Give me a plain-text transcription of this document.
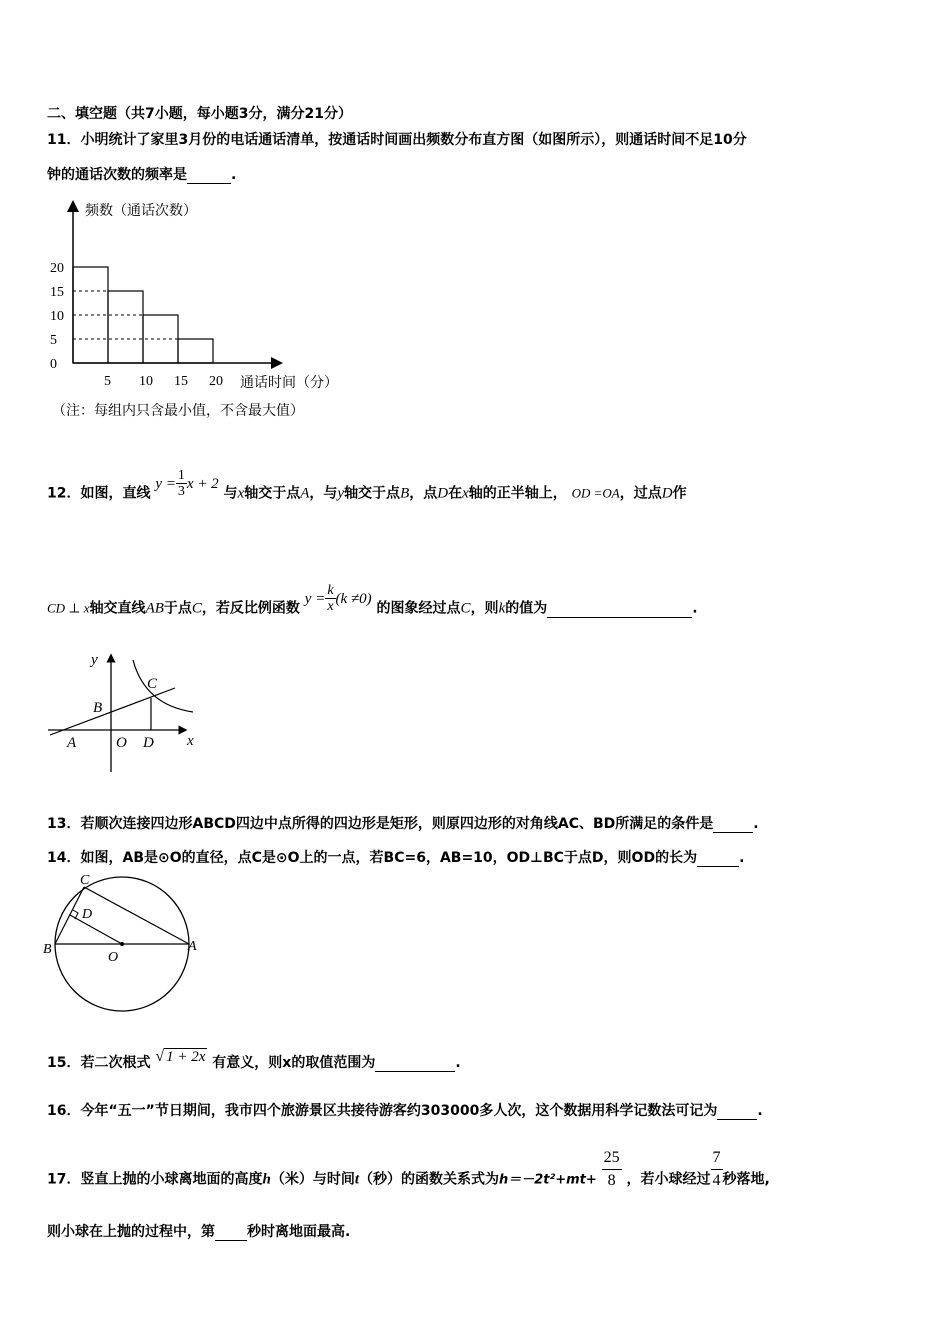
二、填空题（共7小题，每小题3分，满分21分）
11．小明统计了家里3月份的电话通话清单，按通话时间画出频数分布直方图（如图所示），则通话时间不足10分
钟的通话次数的频率是	.
频数（通话次数）
通话时间（分）
0
5
10
15
20
5 10 15 20
（注：每组内只含最小值，不含最大值）
12．如图，直线 $y = \frac{1}{3}$ x + 2 与x轴交于点A，与y轴交于点B，点D在x轴的正半轴上， OD =OA，过点D作
CD ⊥ x轴交直线AB于点C，若反比例函数 $y = \frac{k}{x} (k \ne 0)$ 的图象经过点C，则k的值为	.
y
x
C
B
A	O D
13．若顺次连接四边形ABCD四边中点所得的四边形是矩形，则原四边形的对角线AC、BD所满足的条件是	.
14．如图，AB是⊙O的直径，点C是⊙O上的一点，若BC=6，AB=10，OD⊥BC于点D，则OD的长为	.
C
D
B
O
A
15．若二次根式 √ 1 + 2x 有意义，则x的取值范围为	.
16．今年“五一”节日期间，我市四个旅游景区共接待游客约303000多人次，这个数据用科学记数法可记为	.
17．竖直上抛的小球离地面的高度h（米）与时间t（秒）的函数关系式为$h=-2t^2+mt+ \frac{25}{8}$ ，若小球经过 $\frac{7}{4}$ 秒落地,
则小球在上抛的过程中，第 秒时离地面最高.
